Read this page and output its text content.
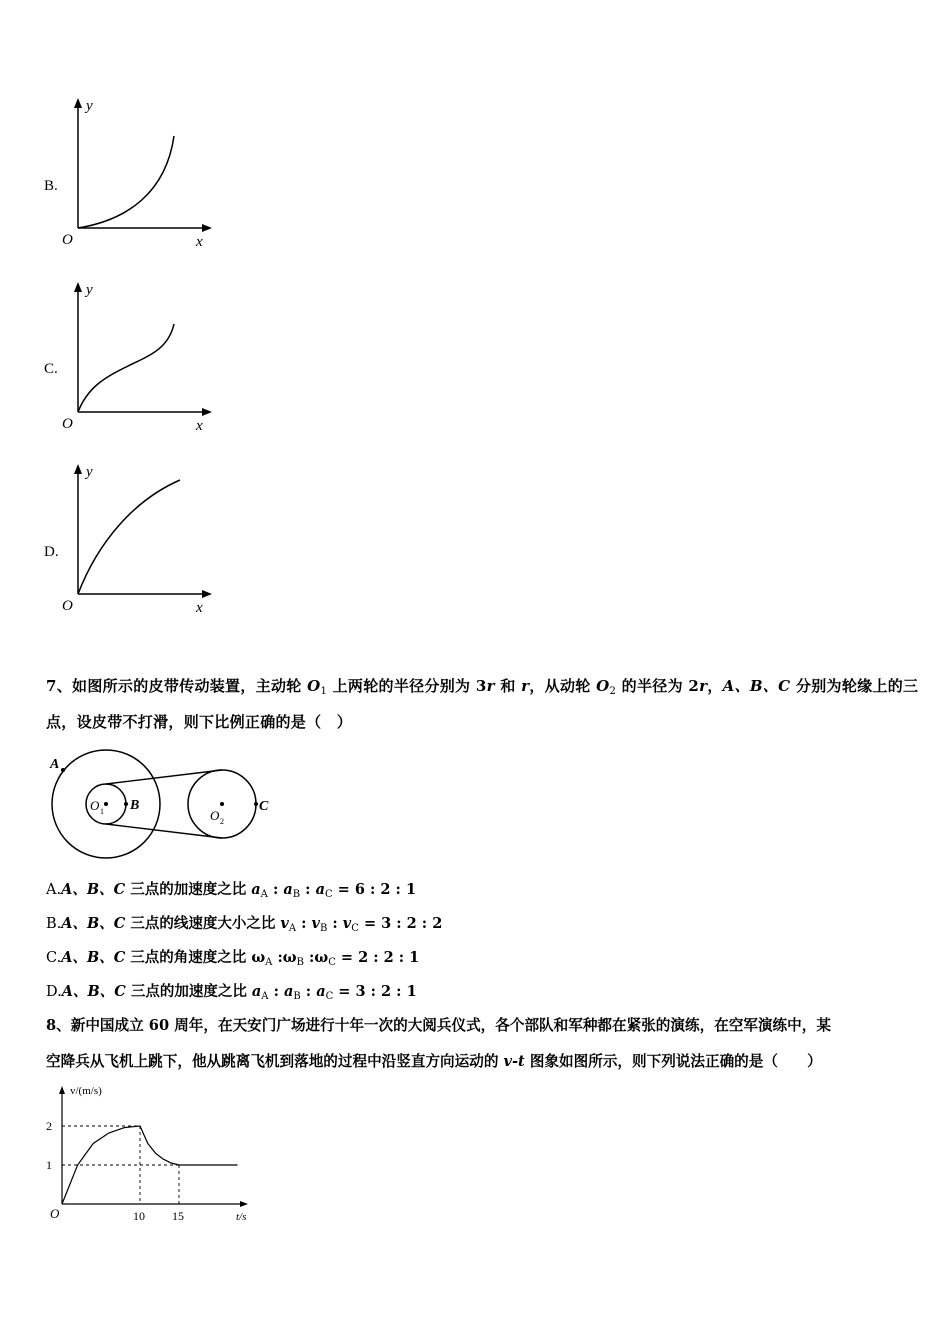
B.
y
O	x
C.
y
O	x
D.
y
O	x
7、如图所示的皮带传动装置，主动轮 $O_1$ 上两轮的半径分别为 3r 和 r，从动轮 $O_2$ 的半径为 2r，A、B、C 分别为轮缘上的三
点，设皮带不打滑，则下比例正确的是（　）
A
B	C
O 1	O 2
A.A、B、C 三点的加速度之比 $a_A$ : $a_B$ : $a_C = 6$ : 2 : 1
B.A、B、C 三点的线速度大小之比 $v_A$ : $v_B$ : $v_C = 3$ : 2 : 2
C.A、B、C 三点的角速度之比 $\omega_A$ $:\omega_B$ $:\omega_C = 2$ : 2 : 1
D.A、B、C 三点的加速度之比 $a_A$ : $a_B$ : $a_C = 3$ : 2 : 1
8、新中国成立 60 周年，在天安门广场进行十年一次的大阅兵仪式，各个部队和军种都在紧张的演练，在空军演练中，某
空降兵从飞机上跳下，他从跳离飞机到落地的过程中沿竖直方向运动的 v-t 图象如图所示，则下列说法正确的是（　　）
v/(m/s)
t/s
O
1
2
10 15
